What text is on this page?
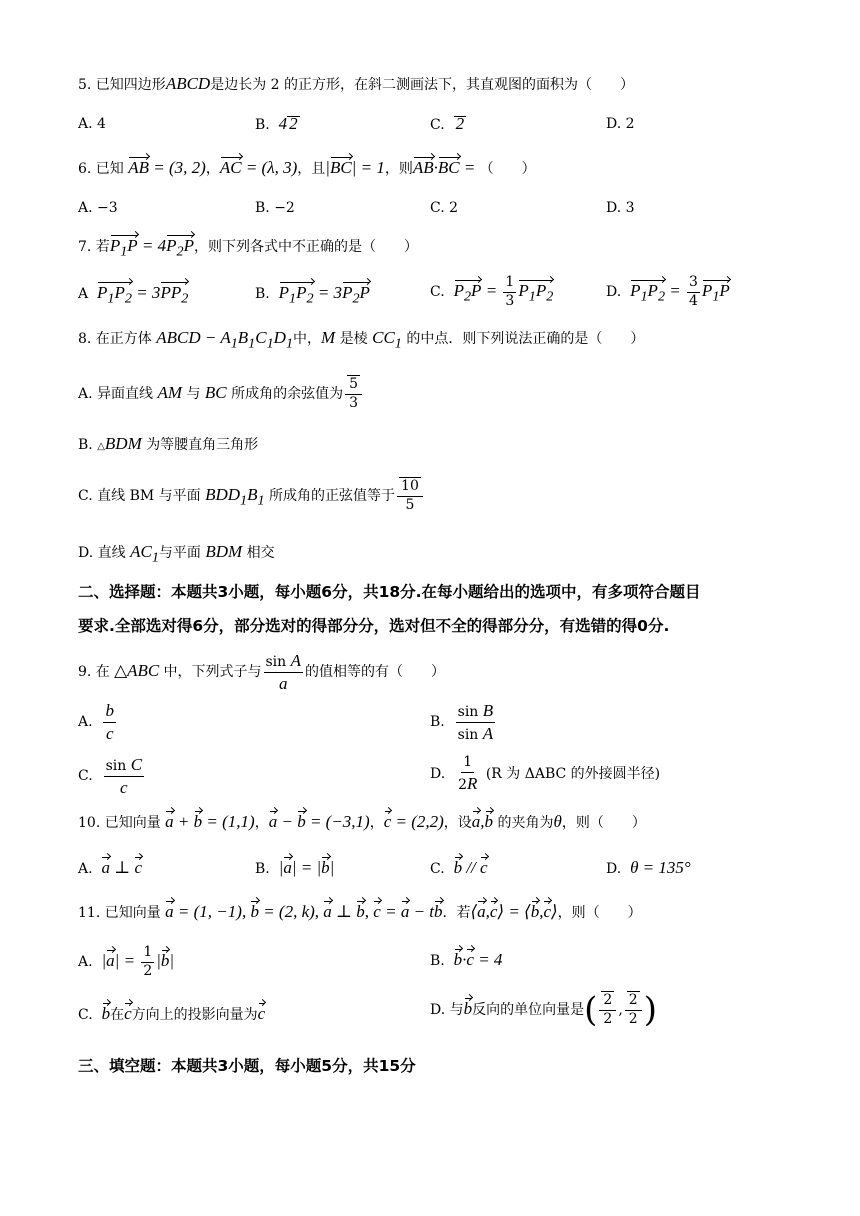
5. 已知四边形ABCD是边长为 2 的正方形，在斜二测画法下，其直观图的面积为（　　）
A. 4	B.  4 2	C.  2	D. 2
6. 已知 AB = (3, 2)，AC = (λ, 3)，且|BC| = 1，则AB·BC = （　　）
A. −3	B. −2	C. 2	D. 3
7. 若$P_1P = 4P_2P$，则下列各式中不正确的是（　　）
A  $P_1P_2 = 3PP_2$	B.  $P_1P_2 = 3P_2P$	C.  $P_2P = \frac{1}{3} P_1P_2$	D.  $P_1P_2 = \frac{3}{4} P_1P$
8. 在正方体 ABCD − $A_1B_1C_1D_1$中，M 是棱 $CC_1$ 的中点．则下列说法正确的是（　　）
A. 异面直线 AM 与 BC 所成角的余弦值为 $\frac{5}{3}$
B. △BDM 为等腰直角三角形
C. 直线 BM 与平面 $BDD_1B_1$ 所成角的正弦值等于 $\frac{10}{5}$
D. 直线 $AC_1$与平面 BDM 相交
二、选择题：本题共3小题，每小题6分，共18分.在每小题给出的选项中，有多项符合题目
要求.全部选对得6分，部分选对的得部分分，选对但不全的得部分分，有选错的得0分.
9. 在 △ABC 中，下列式子与 $\frac{\text{sin A}}{a}$ 的值相等的有（　　）
A. $\frac{b}{c}$	B. $\frac{\text{sin B}}{\text{sin A}}$
C. $\frac{\text{sin C}}{c}$	D. $\frac{1}{2R} (R$ 为 ΔABC 的外接圆半径)
10. 已知向量 a + b = (1,1)，a − b = (−3,1)，c = (2,2)，设a,b 的夹角为θ，则（　　）
A.  a ⊥ c	B.  |a| = |b|	C.  b // c	D.  θ = 135°
11. 已知向量 a = (1, −1), b = (2, k), a ⊥ b, c = a − tb．若⟨a,c⟩ = ⟨b,c⟩，则（　　）
A.  $|a| = \frac{1}{2} |b|$	B.  b·c = 4
C.  b在c方向上的投影向量为c	D. 与b反向的单位向量是( $\frac{2}{2}$ , $\frac{2}{2}$ )
三、填空题：本题共3小题，每小题5分，共15分
